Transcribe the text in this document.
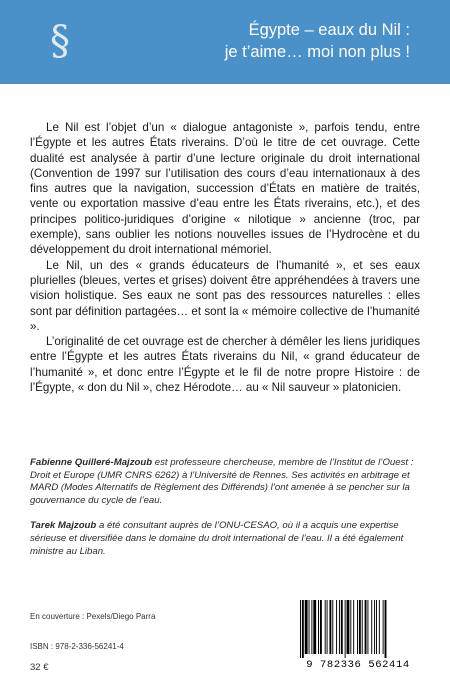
§	Égypte – eaux du Nil :
je t’aime… moi non plus !

Le Nil est l’objet d’un « dialogue antagoniste », parfois tendu, entre l’Égypte et les autres États riverains. D’où le titre de cet ouvrage. Cette dualité est analysée à partir d’une lecture originale du droit international (Convention de 1997 sur l’utilisation des cours d’eau internationaux à des fins autres que la navigation, succession d’États en matière de traités, vente ou exportation massive d’eau entre les États riverains, etc.), et des principes politico-juridiques d’origine « nilotique » ancienne (troc, par exemple), sans oublier les notions nouvelles issues de l’Hydrocène et du développement du droit international mémoriel.

Le Nil, un des « grands éducateurs de l’humanité », et ses eaux plurielles (bleues, vertes et grises) doivent être appréhendées à travers une vision holistique. Ses eaux ne sont pas des ressources naturelles : elles sont par définition partagées… et sont la « mémoire collective de l’humanité ».

L’originalité de cet ouvrage est de chercher à démêler les liens juridiques entre l’Égypte et les autres États riverains du Nil, « grand éducateur de l’humanité », et donc entre l’Égypte et le fil de notre propre Histoire : de l’Égypte, « don du Nil », chez Hérodote… au « Nil sauveur » platonicien.

Fabienne Quilleré-Majzoub est professeure chercheuse, membre de l’Institut de l’Ouest : Droit et Europe (UMR CNRS 6262) à l’Université de Rennes. Ses activités en arbitrage et MARD (Modes Alternatifs de Règlement des Différends) l’ont amenée à se pencher sur la gouvernance du cycle de l’eau.

Tarek Majzoub a été consultant auprès de l’ONU-CESAO, où il a acquis une expertise sérieuse et diversifiée dans le domaine du droit international de l’eau. Il a été également ministre au Liban.

En couverture : Pexels/Diego Parra
ISBN : 978-2-336-56241-4
32 €	9 782336 562414
